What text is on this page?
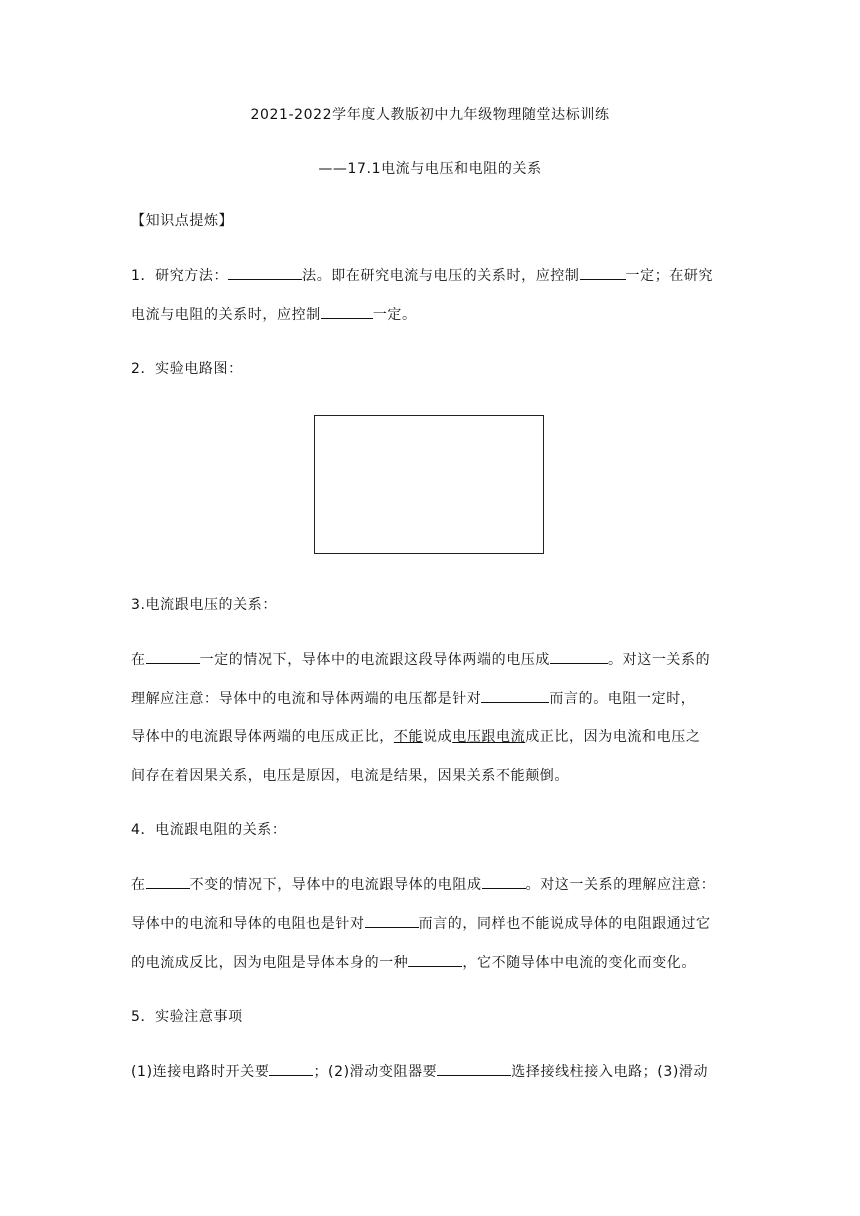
2021-2022学年度人教版初中九年级物理随堂达标训练
——17.1电流与电压和电阻的关系
【知识点提炼】
1．研究方法：	法。即在研究电流与电压的关系时，应控制	一定；在研究
电流与电阻的关系时，应控制	一定。
2．实验电路图：
3.电流跟电压的关系：
在	一定的情况下，导体中的电流跟这段导体两端的电压成	。对这一关系的
理解应注意：导体中的电流和导体两端的电压都是针对	而言的。电阻一定时，
导体中的电流跟导体两端的电压成正比，不能说成电压跟电流成正比，因为电流和电压之
间存在着因果关系，电压是原因，电流是结果，因果关系不能颠倒。
4．电流跟电阻的关系：
在	不变的情况下，导体中的电流跟导体的电阻成	。对这一关系的理解应注意：
导体中的电流和导体的电阻也是针对	而言的，同样也不能说成导体的电阻跟通过它
的电流成反比，因为电阻是导体本身的一种	，它不随导体中电流的变化而变化。
5．实验注意事项
(1)连接电路时开关要	；(2)滑动变阻器要	选择接线柱接入电路；(3)滑动
